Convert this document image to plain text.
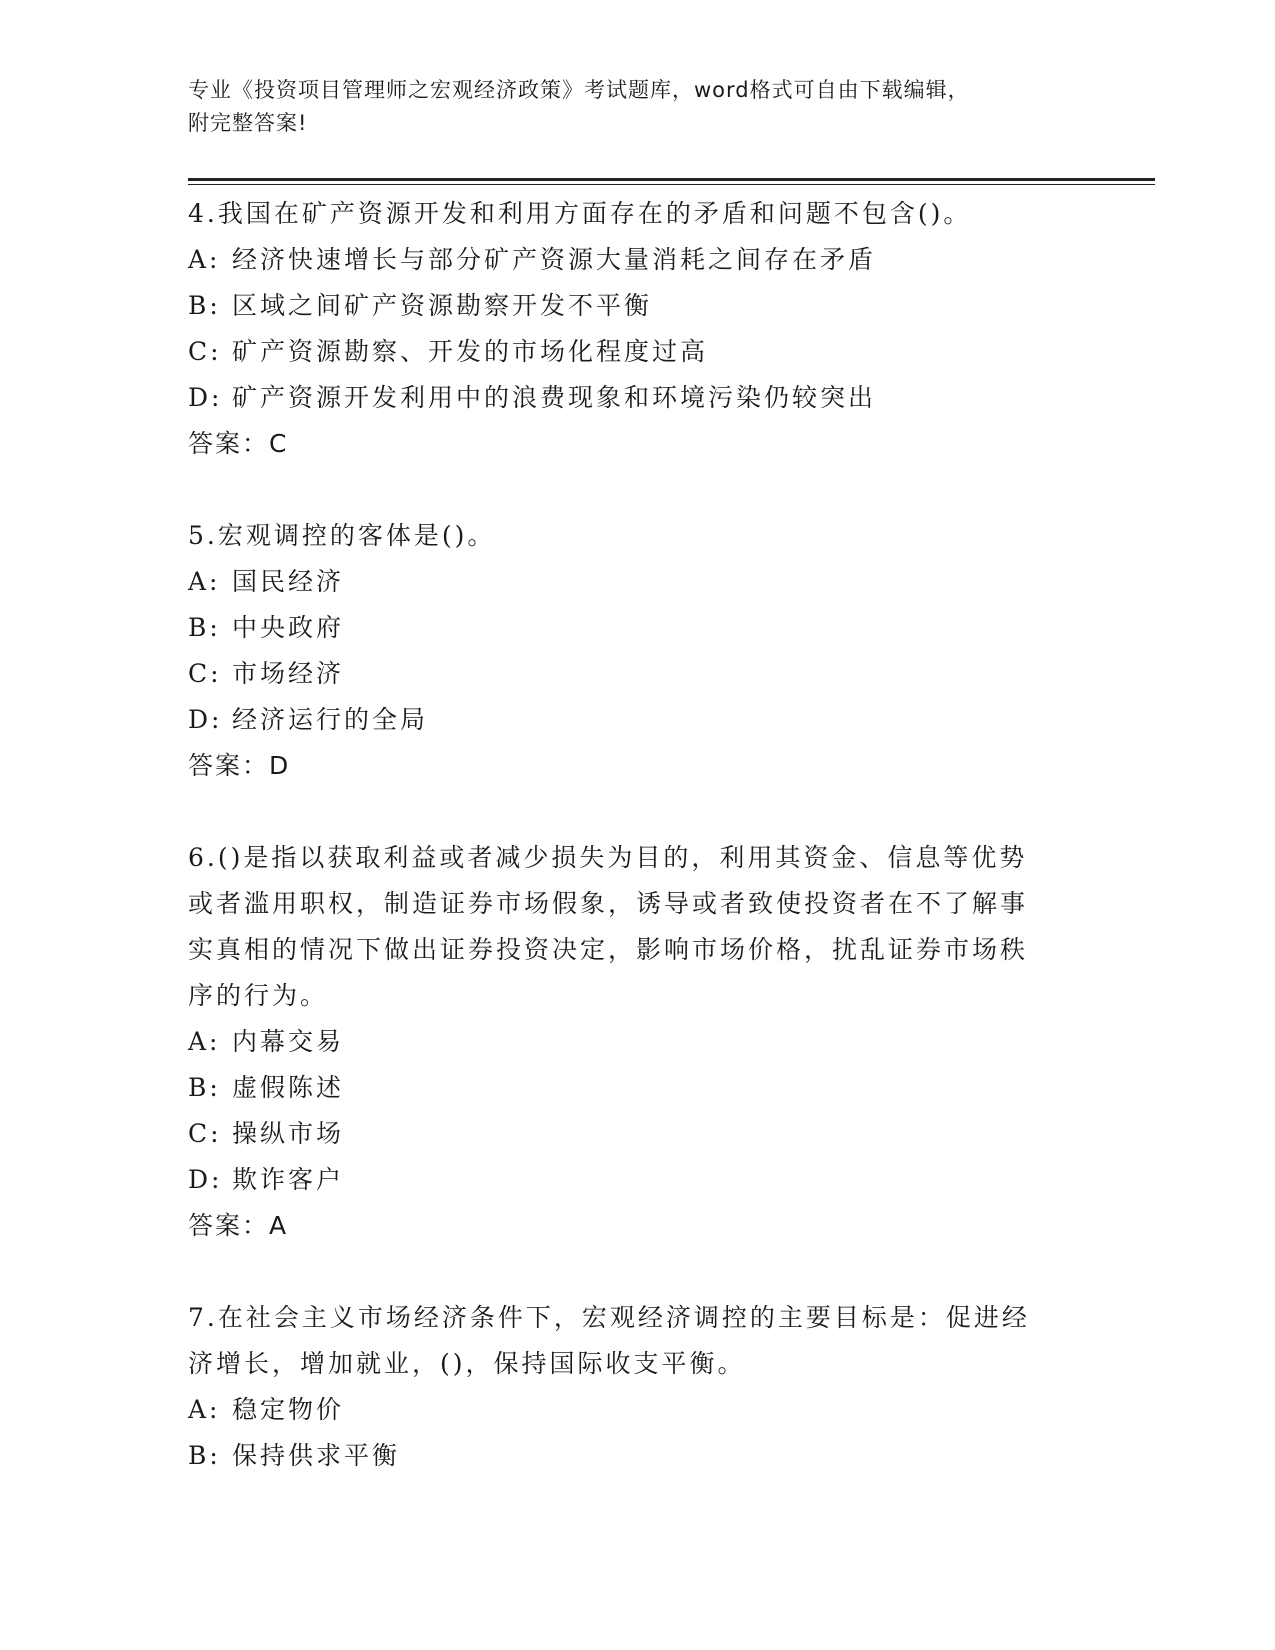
专业《投资项目管理师之宏观经济政策》考试题库，word格式可自由下载编辑，
附完整答案!
4.我国在矿产资源开发和利用方面存在的矛盾和问题不包含()。
A: 经济快速增长与部分矿产资源大量消耗之间存在矛盾
B: 区域之间矿产资源勘察开发不平衡
C: 矿产资源勘察、开发的市场化程度过高
D: 矿产资源开发利用中的浪费现象和环境污染仍较突出
答案：C
5.宏观调控的客体是()。
A: 国民经济
B: 中央政府
C: 市场经济
D: 经济运行的全局
答案：D
6.()是指以获取利益或者减少损失为目的，利用其资金、信息等优势
或者滥用职权，制造证券市场假象，诱导或者致使投资者在不了解事
实真相的情况下做出证券投资决定，影响市场价格，扰乱证券市场秩
序的行为。
A: 内幕交易
B: 虚假陈述
C: 操纵市场
D: 欺诈客户
答案：A
7.在社会主义市场经济条件下，宏观经济调控的主要目标是：促进经
济增长，增加就业，()，保持国际收支平衡。
A: 稳定物价
B: 保持供求平衡
